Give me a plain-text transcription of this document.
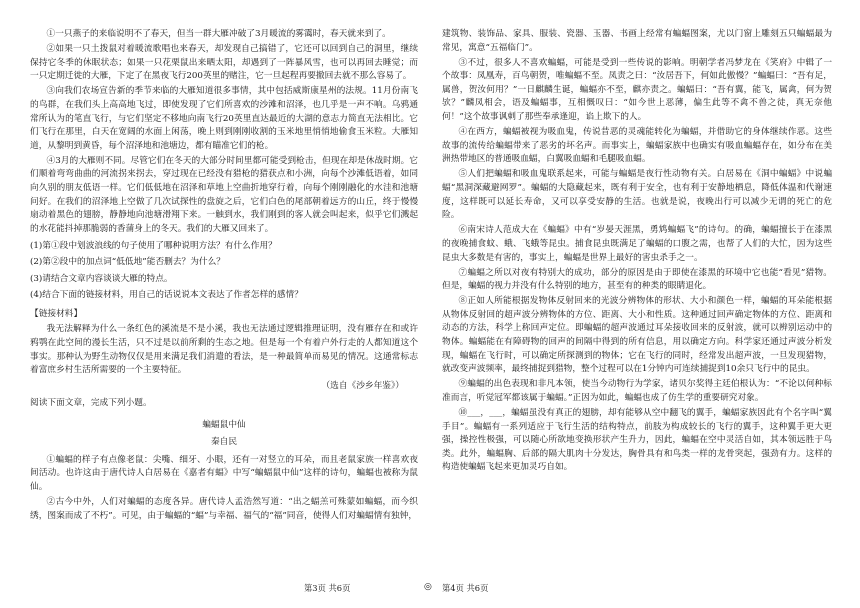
①一只燕子的来临说明不了春天，但当一群大雁冲破了3月暖流的雾霭时，春天就来到了。

②如果一只土拨鼠对着暖流歌唱也来春天，却发现自己搞错了，它还可以回到自己的洞里，继续保持它冬季的休眠状态；如果一只花栗鼠出来晒太阳，却遇到了一阵暴风雪，也可以再回去睡觉；而一只定期迁徙的大雁，下定了在黑夜飞行200英里的赌注，它一旦起程再要撤回去就不那么容易了。

③向我们农场宣告新的季节来临的大雁知道很多事情，其中包括威斯康星州的法规。11月份南飞的鸟群，在我们头上高高地飞过，即使发现了它们所喜欢的沙滩和沼泽，也几乎是一声不响。乌鸦通常所认为的笔直飞行，与它们坚定不移地向南飞行20英里直达最近的大湖的意志力简直无法相比。它们飞行在那里，白天在宽阔的水面上闲荡，晚上则到刚刚收割的玉米地里悄悄地偷食玉米粒。大雁知道，从黎明到黄昏，每个沼泽地和池塘边，都有瞄准它们的枪。

④3月的大雁则不同。尽管它们在冬天的大部分时间里都可能受到枪击，但现在却是休战时期。它们顺着弯弯曲曲的河流拐来拐去，穿过现在已经没有猎枪的猎获点和小洲，向每个沙滩低语着，如同向久别的朋友低语一样。它们低低地在沼泽和草地上空曲折地穿行着，向每个刚刚融化的水洼和池塘问好。在我们的沼泽地上空做了几次试探性的盘旋之后，它们白色的尾部朝着远方的山丘，终于慢慢扇动着黑色的翅膀，静静地向池塘滑翔下来。一触到水，我们刚到的客人就会叫起来，似乎它们溅起的水花能抖掉那脆弱的香蒲身上的冬天。我们的大雁又回来了。

(1)第①段中划波浪线的句子使用了哪种说明方法？有什么作用？

(2)第②段中的加点词“低低地”能否删去？为什么？

(3)请结合文章内容谈谈大雁的特点。

(4)结合下面的链接材料，用自己的话说说本文表达了作者怎样的感情？

【链接材料】

我无法解释为什么一条红色的溪流是不是小溪，我也无法通过逻辑推理证明，没有雁存在和或许鸦鹗在此空间的漫长生活，只不过是以前所剩的生态之地。但是每一个有着户外行走的人都知道这个事实。那种认为野生动物仅仅是用来满足我们消遣的看法，是一种最简单而易见的情况。这通常标志着富庶乡村生活所需要的一个主要特征。

（选自《沙乡年鉴》）

阅读下面文章，完成下列小题。

蝙蝠鼠中仙

秦自民

①蝙蝠的样子有点像老鼠：尖嘴、细牙、小眼，还有一对竖立的耳朵，而且老鼠家族一样喜欢夜间活动。也许这由于唐代诗人白居易在《嘉者有蝠》中写“蝙蝠鼠中仙”这样的诗句，蝙蝠也被称为鼠仙。

②古今中外，人们对蝙蝠的态度各异。唐代诗人孟浩然写道：“出之蝠羔可殊蒙如蝙蝠，而今织绣，图案而成了不朽”。可见，由于蝙蝠的“蝠”与幸福、福气的“福”同音，使得人们对蝙蝠情有独钟，

建筑物、装饰品、家具、服装、瓷器、玉器、书画上经常有蝙蝠图案，尤以门窗上雕刻五只蝙蝠最为常见，寓意“五福临门”。

③不过，很多人不喜欢蝙蝠，可能是受到一些传说的影响。明朝学者冯梦龙在《笑府》中辑了一个故事：凤凰寿，百鸟朝贺，唯蝙蝠不至。凤责之曰：“汝居吾下，何如此傲慢？”蝙蝠曰：“吾有足，属兽，贺汝何用？”一日麒麟生诞，蝙蝠亦不至，麒亦责之。蝙蝠曰：“吾有翼，能飞，属禽，何为贺欤？”麟凤相会，语及蝙蝠事，互相慨叹曰：“如今世上恶薄，偏生此等不禽不兽之徒，真无奈他何！”这个故事讽刺了那些奉承逢迎，谄上欺下的人。

④在西方，蝙蝠被视为吸血鬼，传说昔恶的灵魂能转化为蝙蝠，并借助它的身体继续作恶。这些故事的流传给蝙蝠带来了恶劣的坏名声。而事实上，蝙蝠家族中也确实有吸血蝙蝠存在，如分布在美洲热带地区的普通吸血蝠，白翼吸血蝠和毛腿吸血蝠。

⑤人们把蝙蝠和吸血鬼联系起来，可能与蝙蝠是夜行性动物有关。白居易在《洞中蝙蝠》中说蝙蝠“黑洞深藏避网罗”。蝙蝠的大隐藏起来，既有利于安全，也有利于安静地栖息，降低体温和代谢速度，这样既可以延长寿命，又可以享受安静的生活。也就是说，夜晚出行可以减少无谓的死亡的危险。

⑥南宋诗人范成大在《蝙蝠》中有“岁晏天涯黑，勇鸩蝙蝠飞”的诗句。的确，蝙蝠擅长于在漆黑的夜晚捕食蚊、蛾、飞蛾等昆虫。捕食昆虫既满足了蝙蝠的口腹之需，也帮了人们的大忙，因为这些昆虫大多数是有害的，事实上，蝙蝠是世界上最好的害虫杀手之一。

⑦蝙蝠之所以对夜有特别大的成功，部分的原因是由于即使在漆黑的环境中它也能“看见”猎物。但是，蝙蝠的视力并没有什么特别的地方，甚至有的种类的眼睛退化。

⑧正如人所能根据发物体反射回来的光波分辨物体的形状、大小和颜色一样，蝙蝠的耳朵能根据从物体反射回的超声波分辨物体的方位、距离、大小和性质。这种通过回声确定物体的方位、距离和动态的方法，科学上称回声定位。即蝙蝠的超声波通过耳朵接收回来的反射波，就可以辨别运动中的物体。蝙蝠能在有障碍物的回声的间隔中得到的所有信息，用以确定方向。科学家还通过声波分析发现，蝙蝠在飞行时，可以确定所探测到的物体；它在飞行的同时，经常发出超声波，一旦发现猎物，就改变声波频率，最终捕捉到猎物，整个过程可以在1分钟内可连续捕捉到10余只飞行中的昆虫。

⑨蝙蝠的出色表现和非凡本领，使当今动物行为学家，诸贝尔奖得主廷伯根认为：“不论以何种标准而言，听觉冠军都该属于蝙蝠。”正因为如此，蝙蝠也成了仿生学的重要研究对象。

⑩___，___，蝙蝠虽没有真正的翅膀，却有能够从空中翻飞的翼手，蝙蝠家族因此有个名字叫“翼手目”。蝙蝠有一系列适应于飞行生活的结构特点，前肢为构成较长的飞行的翼手，这种翼手更大更强，操控性极强，可以随心所欲地变换形状产生升力，因此，蝙蝠在空中灵活自如，其本领远胜于鸟类。此外，蝙蝠胸、后部的隔大肌肉十分发达，胸骨具有和鸟类一样的龙骨突起，强劲有力。这样的构造使蝙蝠飞起来更加灵巧自如。

第3页 共6页	◎ 第4页 共6页
